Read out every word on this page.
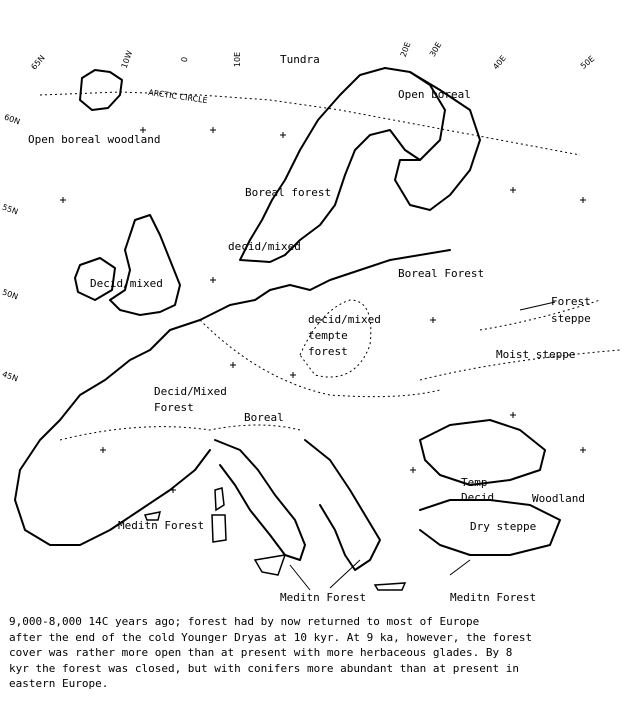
ARCTIC CIRCLE
65N
60N
55N
50N
45N
10W	0	10E
20E 30E
40E	50E
Tundra
Open boreal
Open boreal woodland
Boreal forest
decid/mixed
Decid/mixed
Boreal Forest
decid/mixed
tempte
forest
Forest
steppe
Moist steppe
Decid/Mixed
Forest
Boreal
Meditn Forest
Temp
Decid	Woodland
Dry steppe
Meditn Forest	Meditn Forest
9,000-8,000 14C years ago; forest had by now returned to most of Europe
after the end of the cold Younger Dryas at 10 kyr. At 9 ka, however, the forest
cover was rather more open than at present with more herbaceous glades. By 8
kyr the forest was closed, but with conifers more abundant than at present in
eastern Europe.
